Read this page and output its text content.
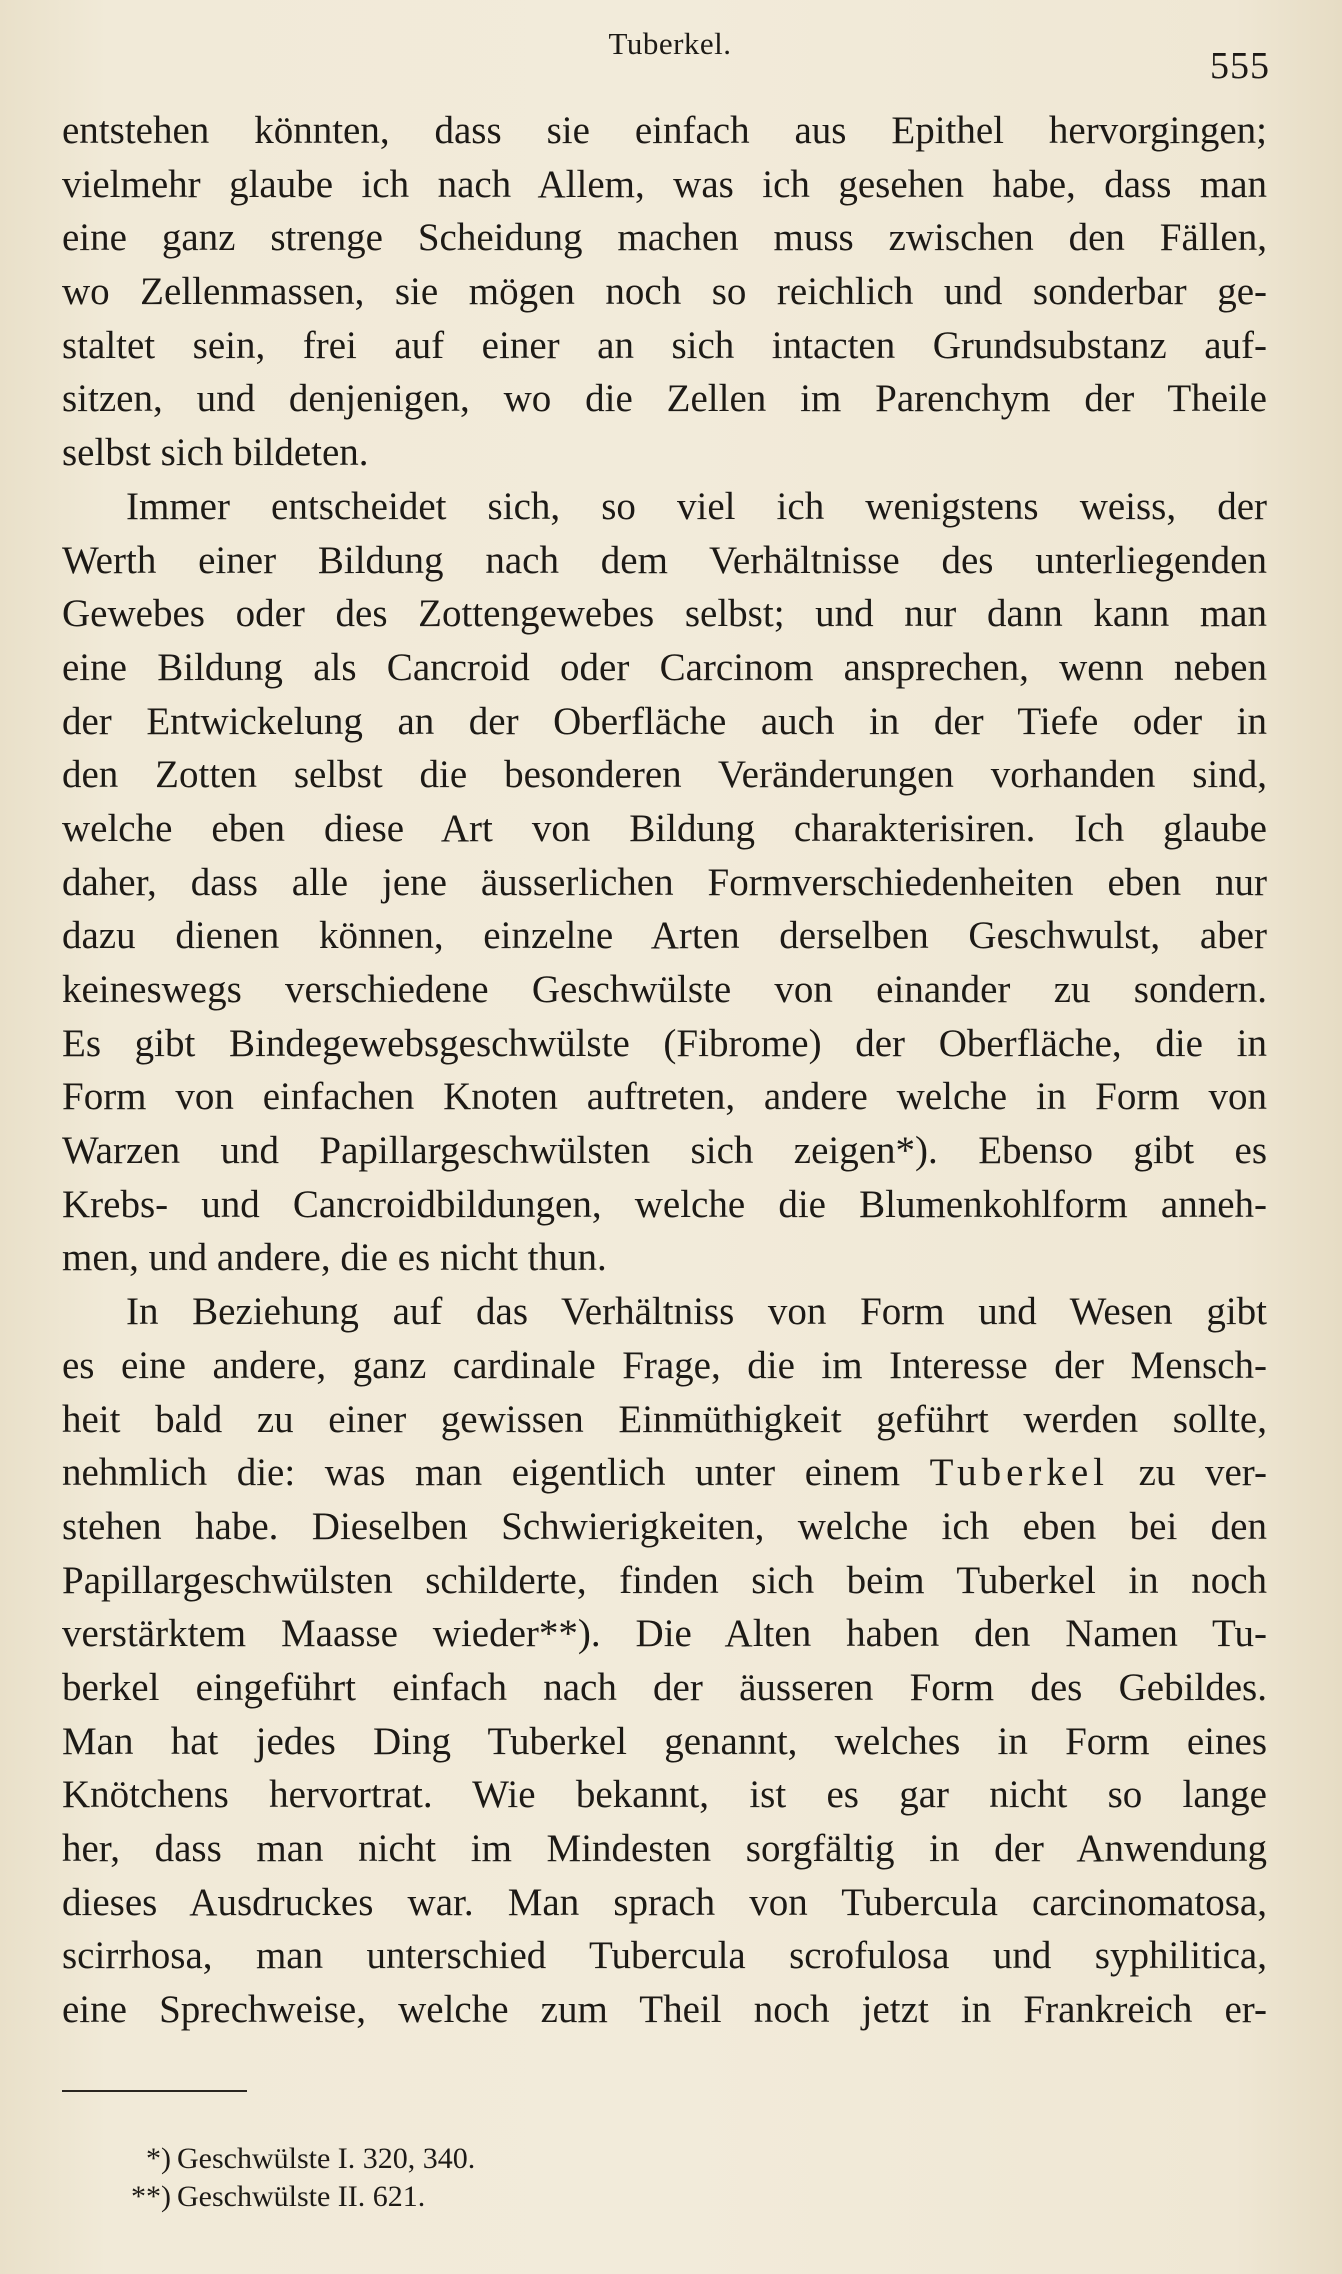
Tuberkel.
555
entstehen könnten, dass sie einfach aus Epithel hervorgingen;
vielmehr glaube ich nach Allem, was ich gesehen habe, dass man
eine ganz strenge Scheidung machen muss zwischen den Fällen,
wo Zellenmassen, sie mögen noch so reichlich und sonderbar ge-
staltet sein, frei auf einer an sich intacten Grundsubstanz auf-
sitzen, und denjenigen, wo die Zellen im Parenchym der Theile
selbst sich bildeten.
Immer entscheidet sich, so viel ich wenigstens weiss, der
Werth einer Bildung nach dem Verhältnisse des unterliegenden
Gewebes oder des Zottengewebes selbst; und nur dann kann man
eine Bildung als Cancroid oder Carcinom ansprechen, wenn neben
der Entwickelung an der Oberfläche auch in der Tiefe oder in
den Zotten selbst die besonderen Veränderungen vorhanden sind,
welche eben diese Art von Bildung charakterisiren. Ich glaube
daher, dass alle jene äusserlichen Formverschiedenheiten eben nur
dazu dienen können, einzelne Arten derselben Geschwulst, aber
keineswegs verschiedene Geschwülste von einander zu sondern.
Es gibt Bindegewebsgeschwülste (Fibrome) der Oberfläche, die in
Form von einfachen Knoten auftreten, andere welche in Form von
Warzen und Papillargeschwülsten sich zeigen*). Ebenso gibt es
Krebs- und Cancroidbildungen, welche die Blumenkohlform anneh-
men, und andere, die es nicht thun.
In Beziehung auf das Verhältniss von Form und Wesen gibt
es eine andere, ganz cardinale Frage, die im Interesse der Mensch-
heit bald zu einer gewissen Einmüthigkeit geführt werden sollte,
nehmlich die: was man eigentlich unter einem Tuberkel zu ver-
stehen habe. Dieselben Schwierigkeiten, welche ich eben bei den
Papillargeschwülsten schilderte, finden sich beim Tuberkel in noch
verstärktem Maasse wieder**). Die Alten haben den Namen Tu-
berkel eingeführt einfach nach der äusseren Form des Gebildes.
Man hat jedes Ding Tuberkel genannt, welches in Form eines
Knötchens hervortrat. Wie bekannt, ist es gar nicht so lange
her, dass man nicht im Mindesten sorgfältig in der Anwendung
dieses Ausdruckes war. Man sprach von Tubercula carcinomatosa,
scirrhosa, man unterschied Tubercula scrofulosa und syphilitica,
eine Sprechweise, welche zum Theil noch jetzt in Frankreich er-
*) Geschwülste I. 320, 340.
**) Geschwülste II. 621.
